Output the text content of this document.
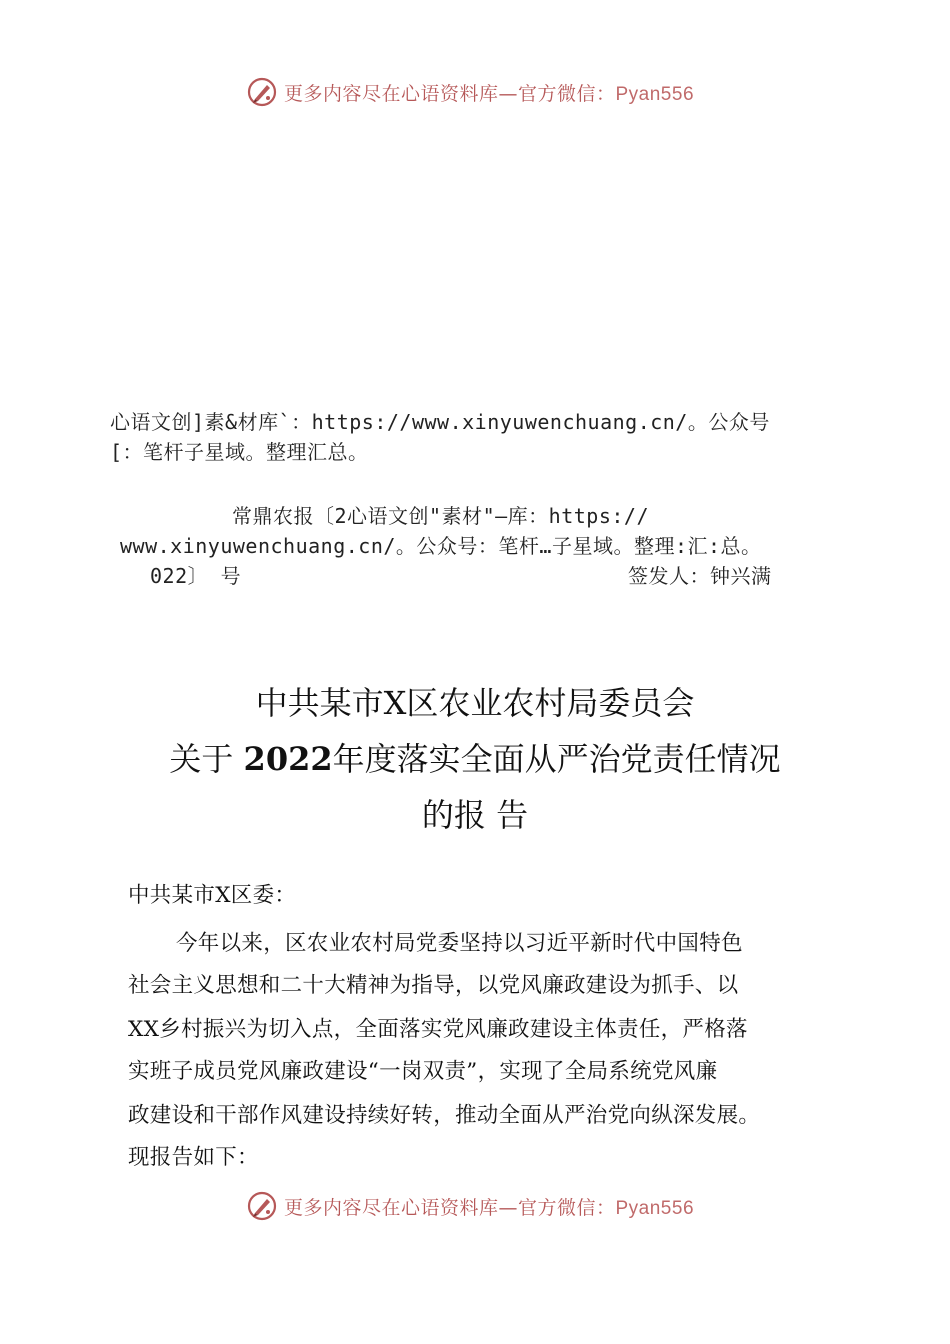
更多内容尽在心语资料库—官方微信：Pyan556
心语文创]素&材库`：https://www.xinyuwenchuang.cn/。公众号
[：笔杆子星域。整理汇总。
常鼎农报〔2心语文创"素材"—库：https://
www.xinyuwenchuang.cn/。公众号：笔杆…子星域。整理:汇:总。
022〕 号	签发人：钟兴满
中共某市X区农业农村局委员会
关于 2022年度落实全面从严治党责任情况
的报 告
中共某市X区委：
今年以来，区农业农村局党委坚持以习近平新时代中国特色
社会主义思想和二十大精神为指导，以党风廉政建设为抓手、以
XX乡村振兴为切入点，全面落实党风廉政建设主体责任，严格落
实班子成员党风廉政建设“一岗双责”，实现了全局系统党风廉
政建设和干部作风建设持续好转，推动全面从严治党向纵深发展。
现报告如下：
更多内容尽在心语资料库—官方微信：Pyan556
